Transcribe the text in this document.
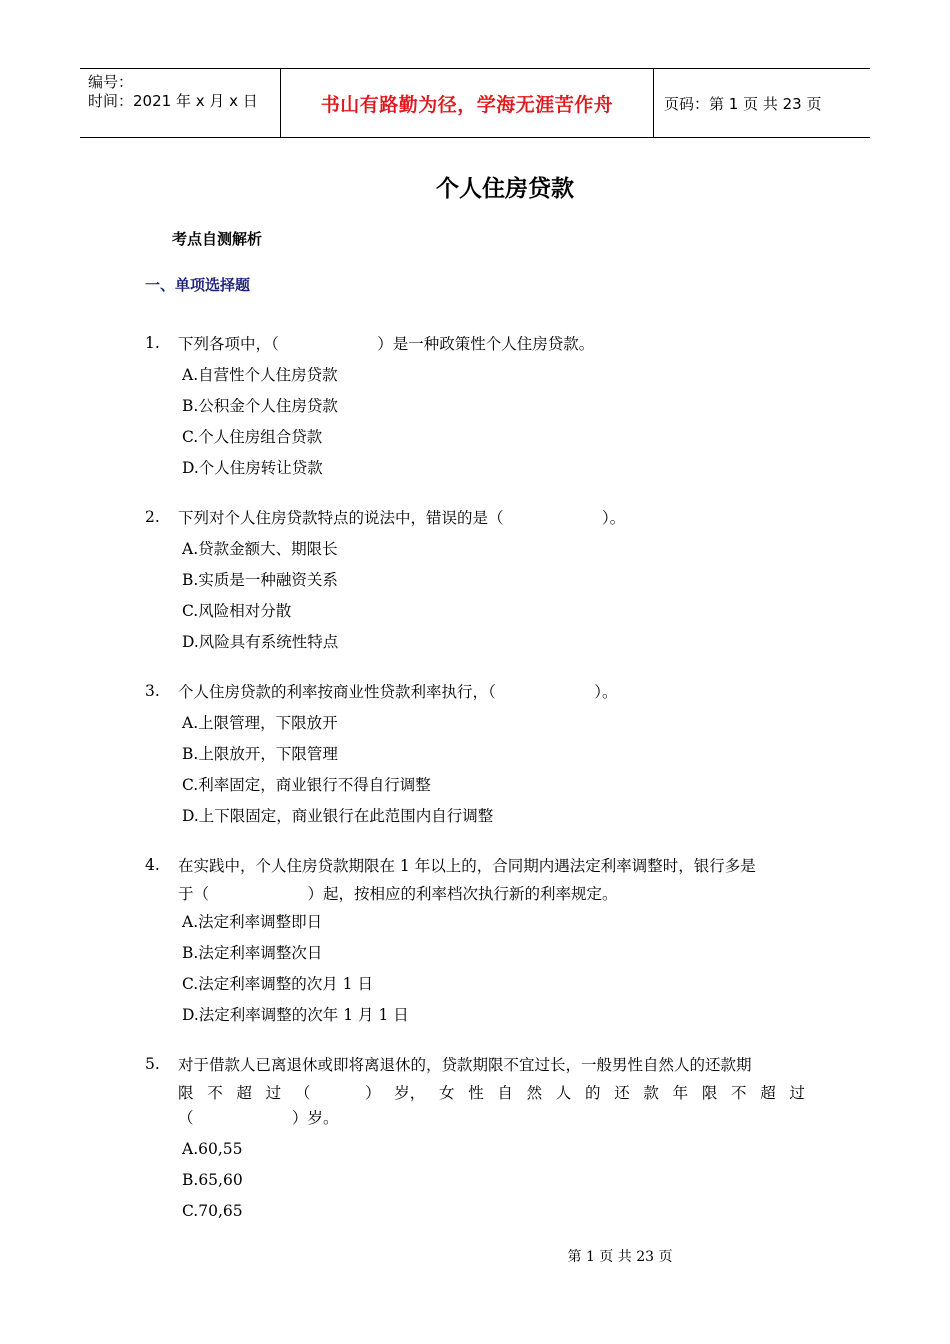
编号：
时间：2021 年 x 月 x 日	书山有路勤为径，学海无涯苦作舟	页码：第 1 页 共 23 页
个人住房贷款
考点自测解析
一、单项选择题
1.	下列各项中，（                    ）是一种政策性个人住房贷款。
A.自营性个人住房贷款
B.公积金个人住房贷款
C.个人住房组合贷款
D.个人住房转让贷款
2.	下列对个人住房贷款特点的说法中，错误的是（                    ）。
A.贷款金额大、期限长
B.实质是一种融资关系
C.风险相对分散
D.风险具有系统性特点
3.	个人住房贷款的利率按商业性贷款利率执行，（                    ）。
A.上限管理，下限放开
B.上限放开，下限管理
C.利率固定，商业银行不得自行调整
D.上下限固定，商业银行在此范围内自行调整
4.	在实践中，个人住房贷款期限在 1 年以上的，合同期内遇法定利率调整时，银行多是
于（                    ）起，按相应的利率档次执行新的利率规定。
A.法定利率调整即日
B.法定利率调整次日
C.法定利率调整的次月 1 日
D.法定利率调整的次年 1 月 1 日
5.	对于借款人已离退休或即将离退休的，贷款期限不宜过长，一般男性自然人的还款期
限 不 超 过 （	） 岁， 女 性 自 然 人 的 还 款 年 限 不 超 过
（                    ）岁。
A.60,55
B.65,60
C.70,65
第 1 页 共 23 页
